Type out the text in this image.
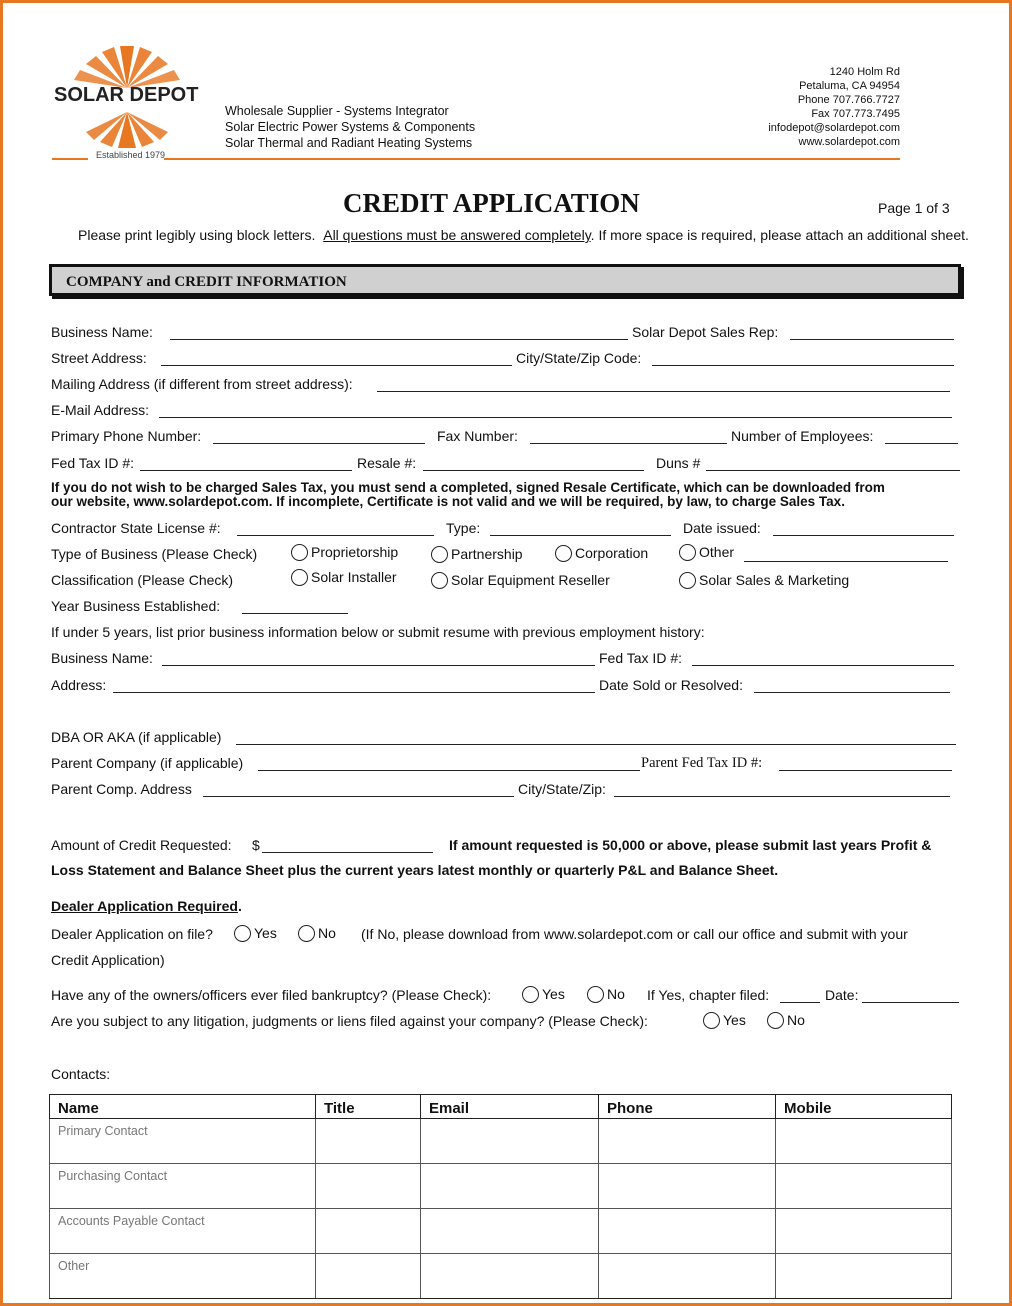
SOLAR DEPOT
Established 1979
Wholesale Supplier - Systems Integrator
Solar Electric Power Systems & Components
Solar Thermal and Radiant Heating Systems
1240 Holm Rd
Petaluma, CA 94954
Phone 707.766.7727
Fax 707.773.7495
infodepot@solardepot.com
www.solardepot.com
CREDIT APPLICATION	Page 1 of 3
Please print legibly using block letters. All questions must be answered completely. If more space is required, please attach an additional sheet.
COMPANY and CREDIT INFORMATION
Business Name:	Solar Depot Sales Rep:
Street Address:	City/State/Zip Code:
Mailing Address (if different from street address):
E-Mail Address:
Primary Phone Number:	Fax Number:	Number of Employees:
Fed Tax ID #:	Resale #:	Duns #
If you do not wish to be charged Sales Tax, you must send a completed, signed Resale Certificate, which can be downloaded from
our website, www.solardepot.com. If incomplete, Certificate is not valid and we will be required, by law, to charge Sales Tax.
Contractor State License #:	Type:	Date issued:
Type of Business (Please Check)	Proprietorship	Partnership	Corporation	Other
Classification (Please Check)	Solar Installer	Solar Equipment Reseller	Solar Sales & Marketing
Year Business Established:
If under 5 years, list prior business information below or submit resume with previous employment history:
Business Name:	Fed Tax ID #:
Address:	Date Sold or Resolved:
DBA OR AKA (if applicable)
Parent Company (if applicable)	Parent Fed Tax ID #:
Parent Comp. Address	City/State/Zip:
Amount of Credit Requested: $	If amount requested is 50,000 or above, please submit last years Profit &
Loss Statement and Balance Sheet plus the current years latest monthly or quarterly P&L and Balance Sheet.
Dealer Application Required.
Dealer Application on file?	Yes	No (If No, please download from www.solardepot.com or call our office and submit with your
Credit Application)
Have any of the owners/officers ever filed bankruptcy? (Please Check):	Yes	No If Yes, chapter filed:	Date:
Are you subject to any litigation, judgments or liens filed against your company? (Please Check):	Yes	No
Contacts:
Name	Title	Email	Phone	Mobile
Primary Contact				
Purchasing Contact				
Accounts Payable Contact				
Other				
